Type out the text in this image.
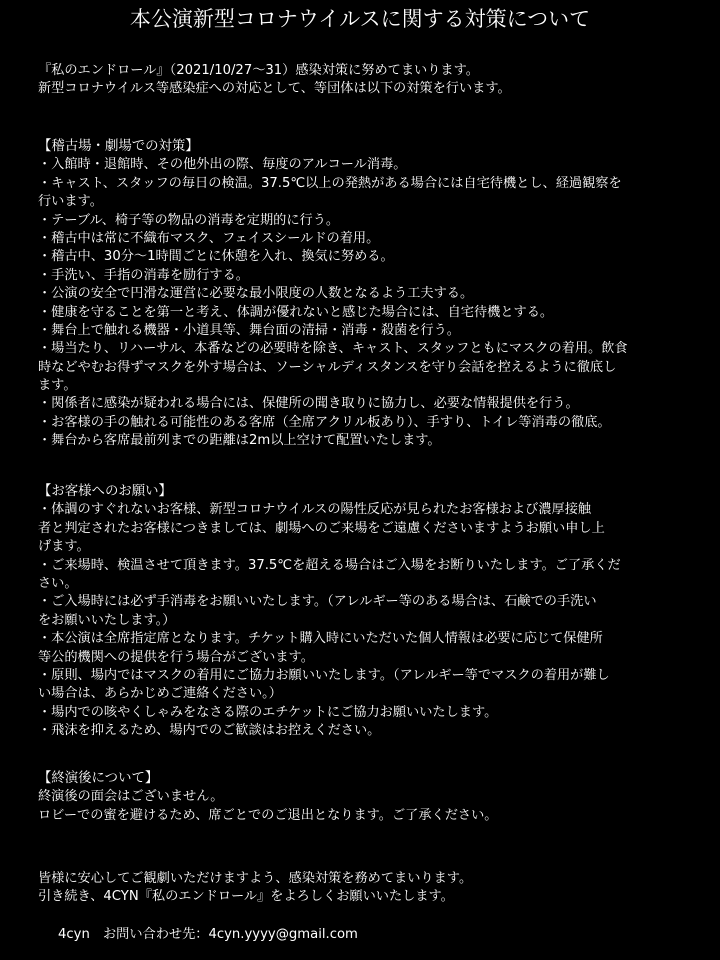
本公演新型コロナウイルスに関する対策について
『私のエンドロール』（2021/10/27〜31）感染対策に努めてまいります。
新型コロナウイルス等感染症への対応として、等団体は以下の対策を行います。
【稽古場・劇場での対策】
・入館時・退館時、その他外出の際、毎度のアルコール消毒。
・キャスト、スタッフの毎日の検温。37.5℃以上の発熱がある場合には自宅待機とし、経過観察を
行います。
・テーブル、椅子等の物品の消毒を定期的に行う。
・稽古中は常に不織布マスク、フェイスシールドの着用。
・稽古中、30分～1時間ごとに休憩を入れ、換気に努める。
・手洗い、手指の消毒を励行する。
・公演の安全で円滑な運営に必要な最小限度の人数となるよう工夫する。
・健康を守ることを第一と考え、体調が優れないと感じた場合には、自宅待機とする。
・舞台上で触れる機器・小道具等、舞台面の清掃・消毒・殺菌を行う。
・場当たり、リハーサル、本番などの必要時を除き、キャスト、スタッフともにマスクの着用。飲食
時などやむお得ずマスクを外す場合は、ソーシャルディスタンスを守り会話を控えるように徹底し
ます。
・関係者に感染が疑われる場合には、保健所の聞き取りに協力し、必要な情報提供を行う。
・お客様の手の触れる可能性のある客席（全席アクリル板あり）、手すり、トイレ等消毒の徹底。
・舞台から客席最前列までの距離は2m以上空けて配置いたします。
【お客様へのお願い】
・体調のすぐれないお客様、新型コロナウイルスの陽性反応が見られたお客様および濃厚接触
者と判定されたお客様につきましては、劇場へのご来場をご遠慮くださいますようお願い申し上
げます。
・ご来場時、検温させて頂きます。37.5℃を超える場合はご入場をお断りいたします。ご了承くだ
さい。
・ご入場時には必ず手消毒をお願いいたします。（アレルギー等のある場合は、石鹸での手洗い
をお願いいたします。）
・本公演は全席指定席となります。チケット購入時にいただいた個人情報は必要に応じて保健所
等公的機関への提供を行う場合がございます。
・原則、場内ではマスクの着用にご協力お願いいたします。（アレルギー等でマスクの着用が難し
い場合は、あらかじめご連絡ください。）
・場内での咳やくしゃみをなさる際のエチケットにご協力お願いいたします。
・飛沫を抑えるため、場内でのご歓談はお控えください。
【終演後について】
終演後の面会はございません。
ロビーでの蜜を避けるため、席ごとでのご退出となります。ご了承ください。
皆様に安心してご観劇いただけますよう、感染対策を務めてまいります。
引き続き、4CYN『私のエンドロール』をよろしくお願いいたします。
4cyn　お問い合わせ先：4cyn.yyyy@gmail.com
